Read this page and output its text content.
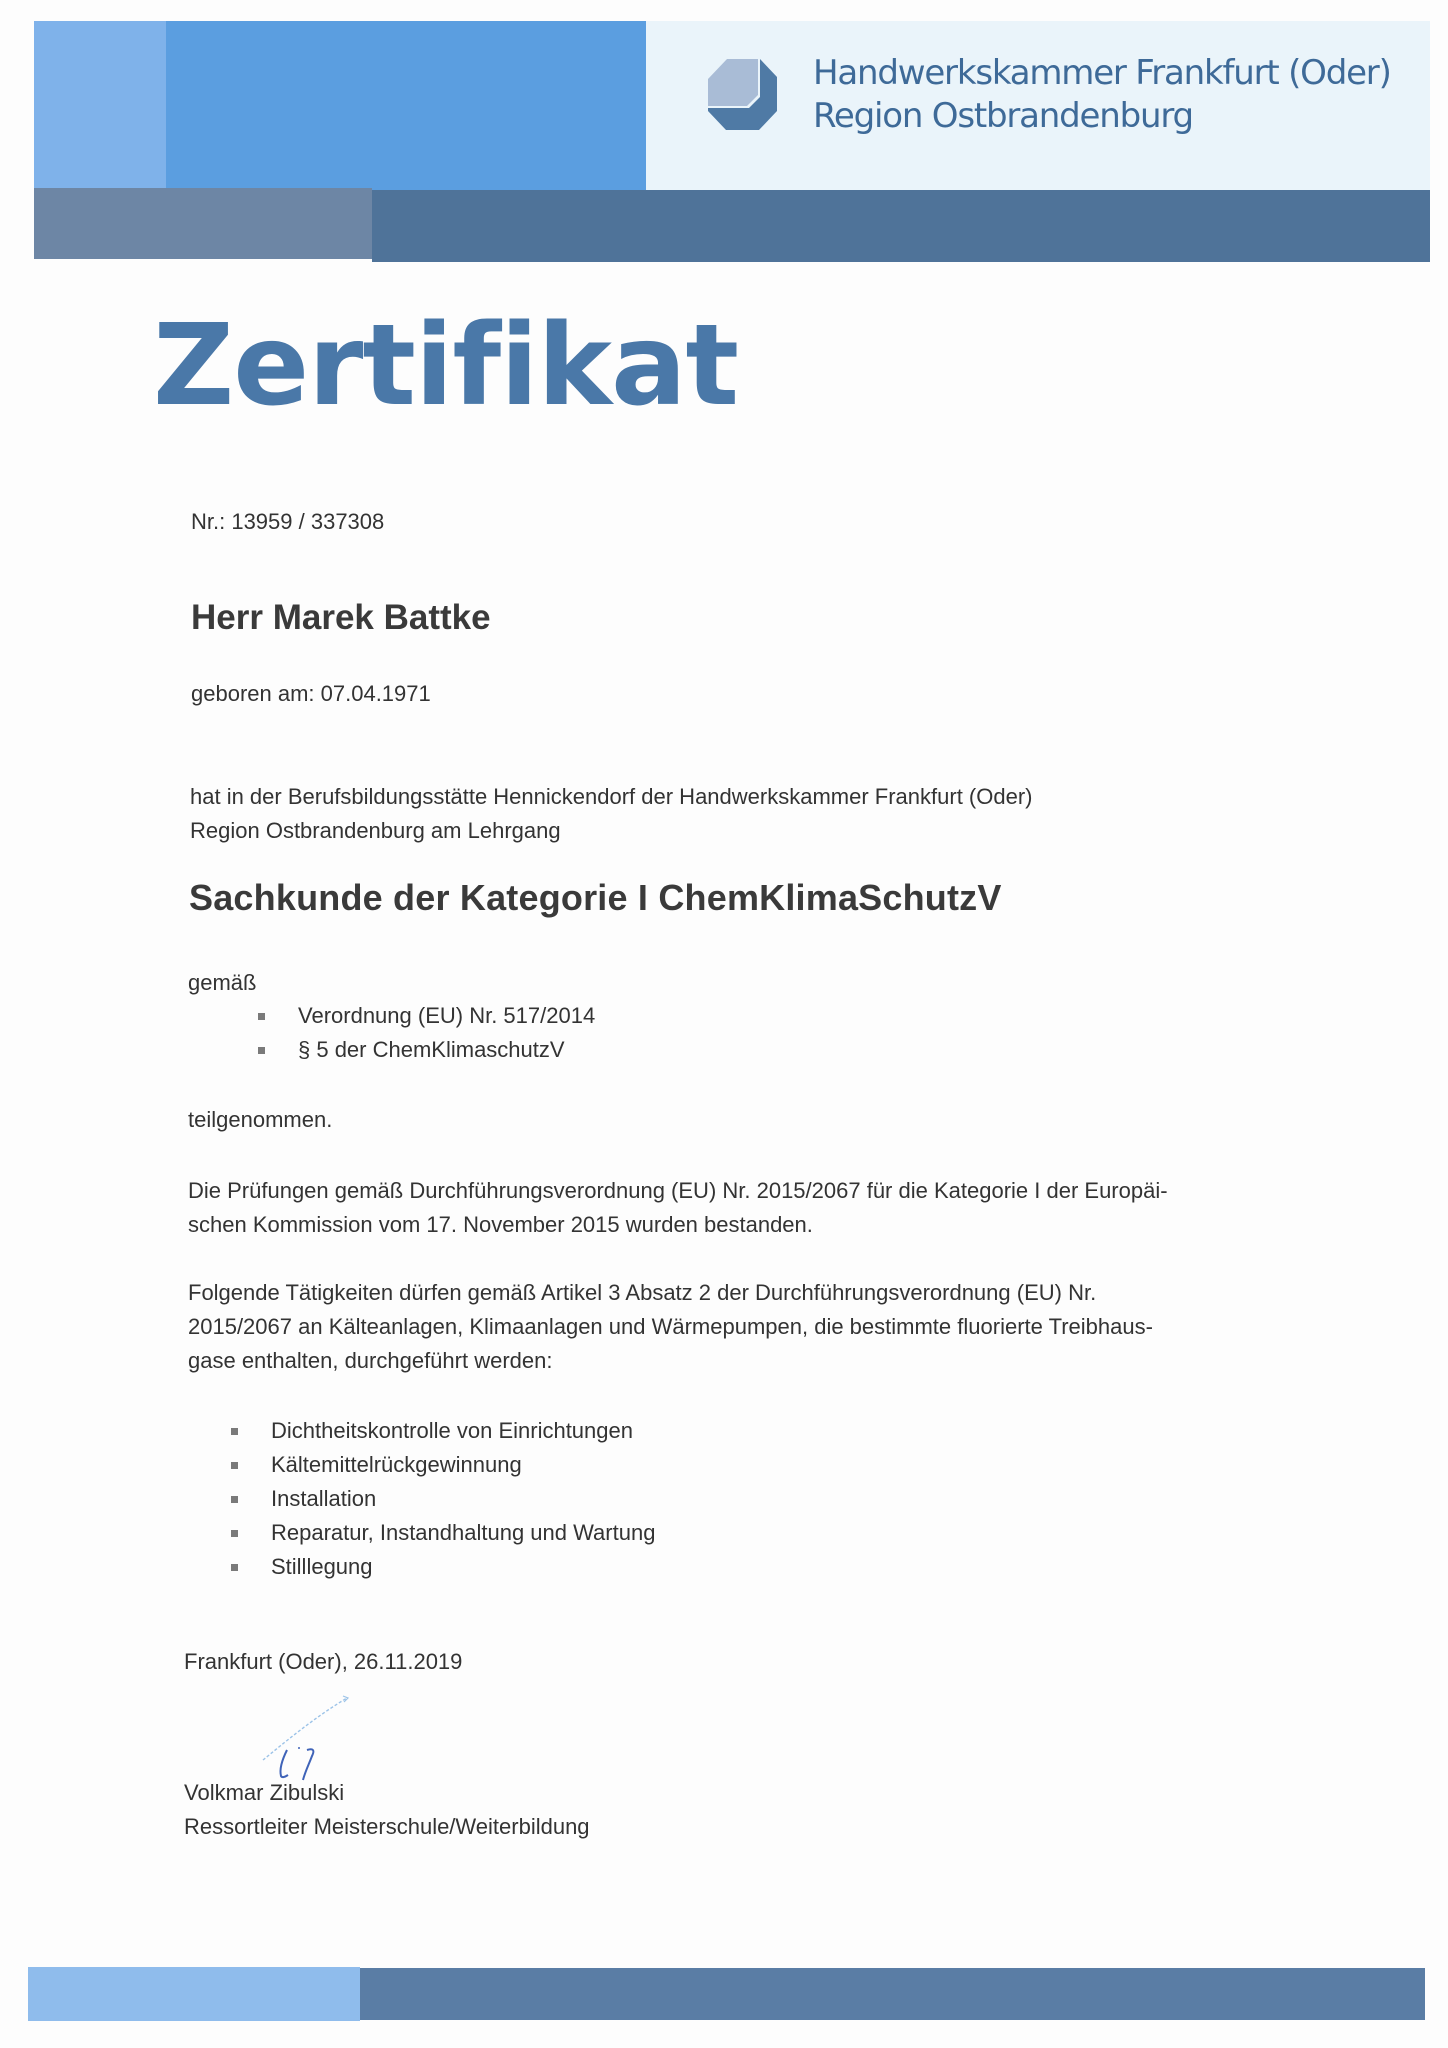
Handwerkskammer Frankfurt (Oder)
Region Ostbrandenburg
Zertifikat
Nr.: 13959 / 337308
Herr Marek Battke
geboren am: 07.04.1971
hat in der Berufsbildungsstätte Hennickendorf der Handwerkskammer Frankfurt (Oder)
Region Ostbrandenburg am Lehrgang
Sachkunde der Kategorie I ChemKlimaSchutzV
gemäß
Verordnung (EU) Nr. 517/2014
§ 5 der ChemKlimaschutzV
teilgenommen.
Die Prüfungen gemäß Durchführungsverordnung (EU) Nr. 2015/2067 für die Kategorie I der Europäi-
schen Kommission vom 17. November 2015 wurden bestanden.
Folgende Tätigkeiten dürfen gemäß Artikel 3 Absatz 2 der Durchführungsverordnung (EU) Nr.
2015/2067 an Kälteanlagen, Klimaanlagen und Wärmepumpen, die bestimmte fluorierte Treibhaus-
gase enthalten, durchgeführt werden:
Dichtheitskontrolle von Einrichtungen
Kältemittelrückgewinnung
Installation
Reparatur, Instandhaltung und Wartung
Stilllegung
Frankfurt (Oder), 26.11.2019
Volkmar Zibulski
Ressortleiter Meisterschule/Weiterbildung
